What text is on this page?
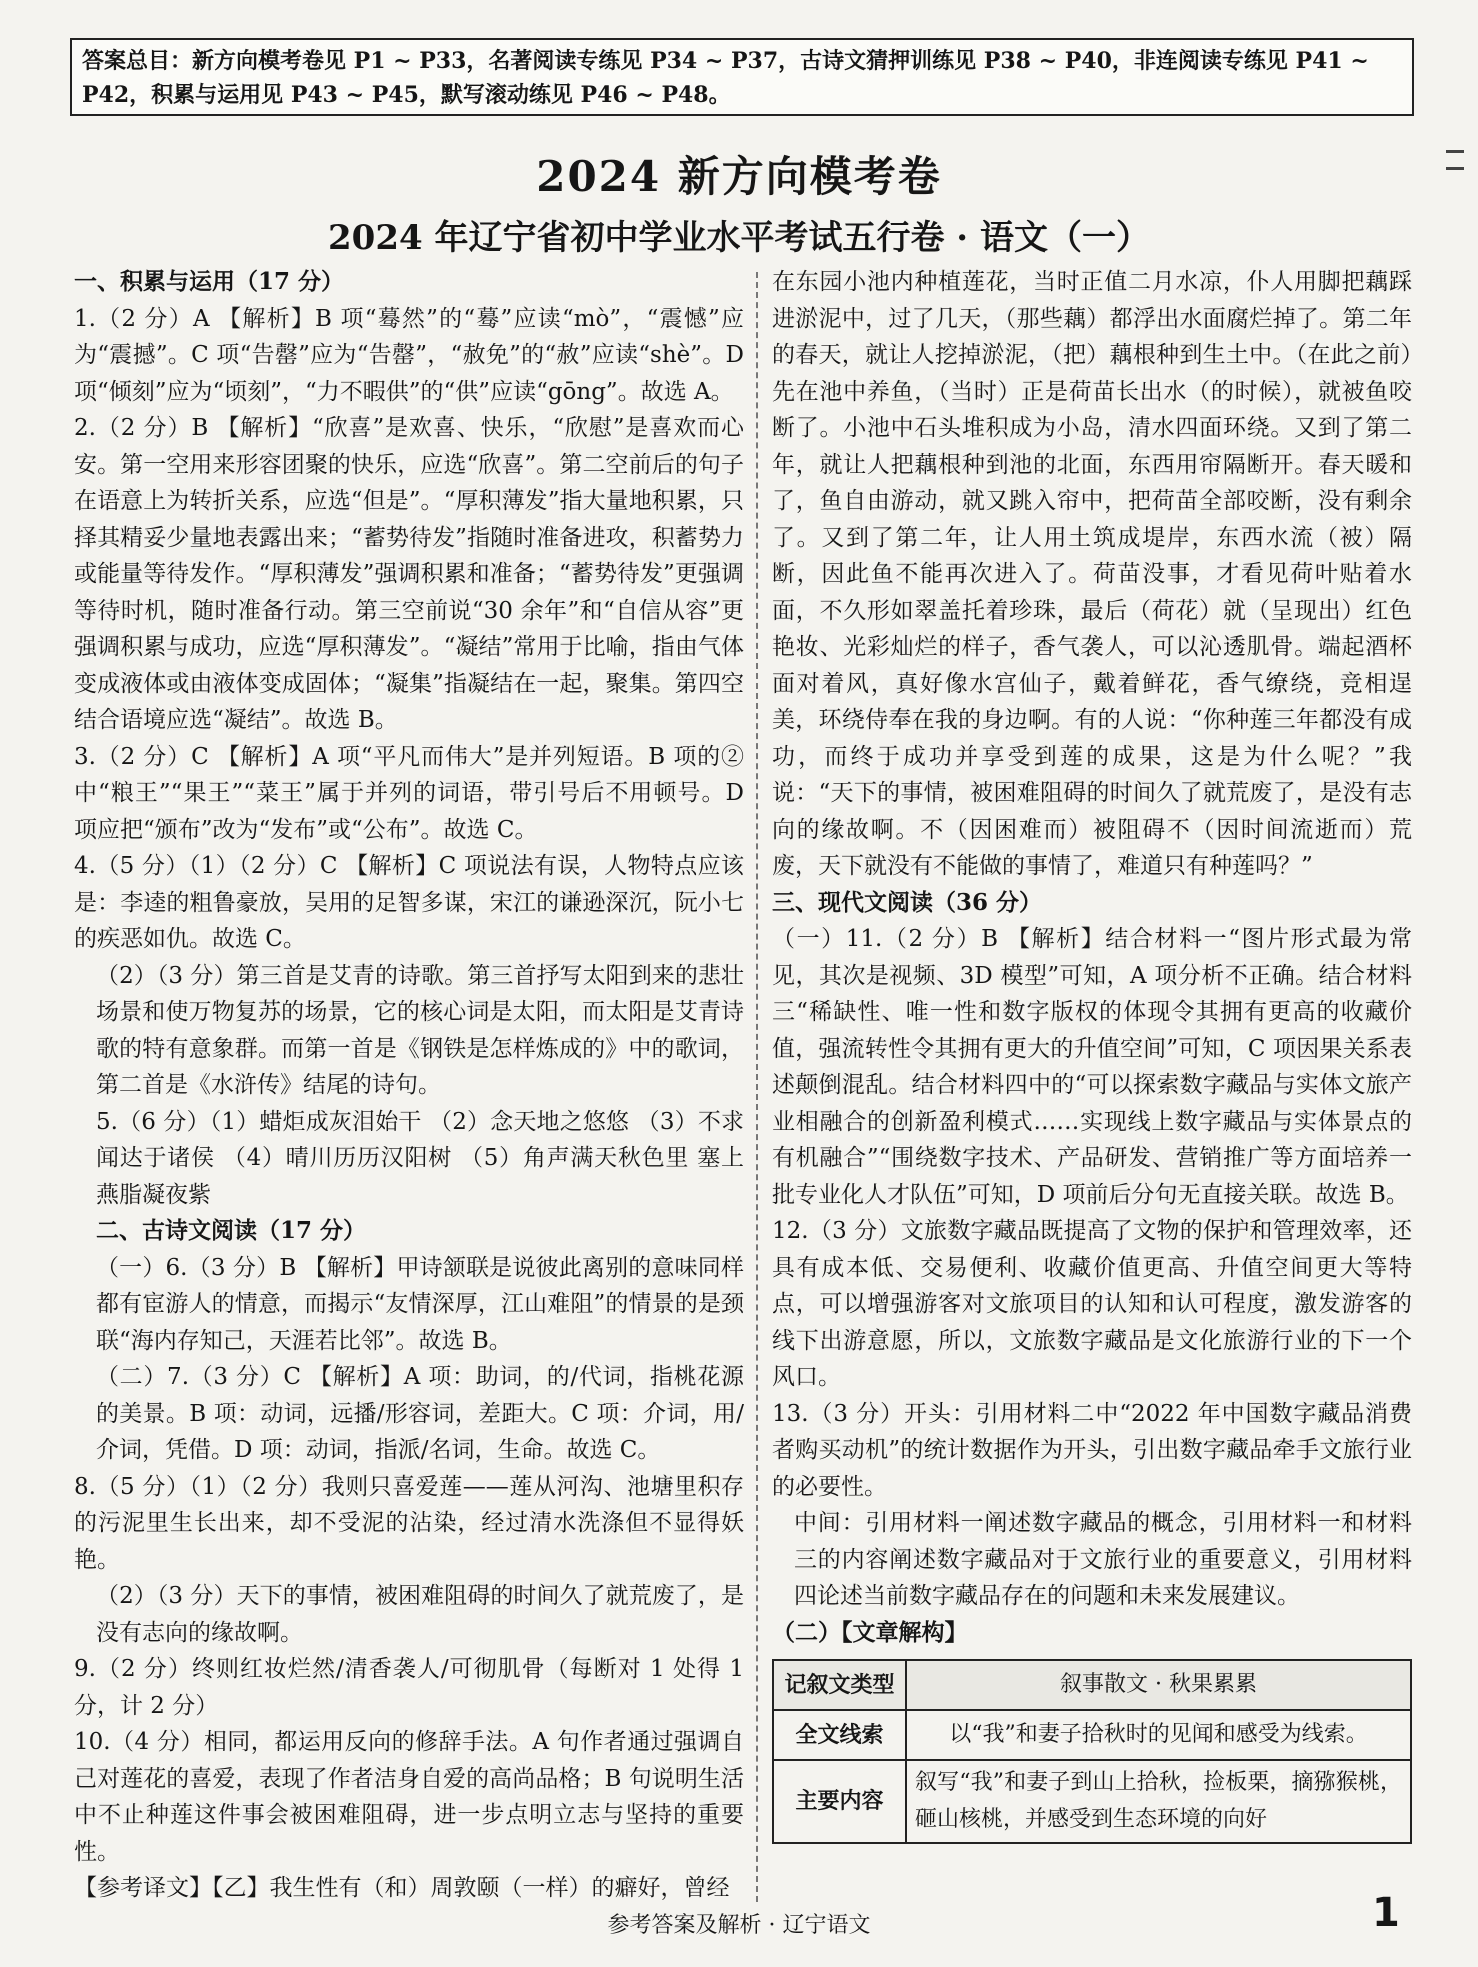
答案总目：新方向模考卷见 P1 ~ P33，名著阅读专练见 P34 ~ P37，古诗文猜押训练见 P38 ~ P40，非连阅读专练见 P41 ~ P42，积累与运用见 P43 ~ P45，默写滚动练见 P46 ~ P48。
2024 新方向模考卷
2024 年辽宁省初中学业水平考试五行卷 · 语文（一）

一、积累与运用（17 分）

1.（2 分）A 【解析】B 项“蓦然”的“蓦”应读“mò”，“震憾”应为“震撼”。C 项“告罄”应为“告罄”，“赦免”的“赦”应读“shè”。D 项“倾刻”应为“顷刻”，“力不暇供”的“供”应读“gōng”。故选 A。

2.（2 分）B 【解析】“欣喜”是欢喜、快乐，“欣慰”是喜欢而心安。第一空用来形容团聚的快乐，应选“欣喜”。第二空前后的句子在语意上为转折关系，应选“但是”。“厚积薄发”指大量地积累，只择其精妥少量地表露出来；“蓄势待发”指随时准备进攻，积蓄势力或能量等待发作。“厚积薄发”强调积累和准备；“蓄势待发”更强调等待时机，随时准备行动。第三空前说“30 余年”和“自信从容”更强调积累与成功，应选“厚积薄发”。“凝结”常用于比喻，指由气体变成液体或由液体变成固体；“凝集”指凝结在一起，聚集。第四空结合语境应选“凝结”。故选 B。

3.（2 分）C 【解析】A 项“平凡而伟大”是并列短语。B 项的②中“粮王”“果王”“菜王”属于并列的词语，带引号后不用顿号。D 项应把“颁布”改为“发布”或“公布”。故选 C。

4.（5 分）（1）（2 分）C 【解析】C 项说法有误，人物特点应该是：李逵的粗鲁豪放，吴用的足智多谋，宋江的谦逊深沉，阮小七的疾恶如仇。故选 C。

（2）（3 分）第三首是艾青的诗歌。第三首抒写太阳到来的悲壮场景和使万物复苏的场景，它的核心词是太阳，而太阳是艾青诗歌的特有意象群。而第一首是《钢铁是怎样炼成的》中的歌词，第二首是《水浒传》结尾的诗句。

5.（6 分）（1）蜡炬成灰泪始干 （2）念天地之悠悠 （3）不求闻达于诸侯 （4）晴川历历汉阳树 （5）角声满天秋色里 塞上燕脂凝夜紫

二、古诗文阅读（17 分）

（一）6.（3 分）B 【解析】甲诗颔联是说彼此离别的意味同样都有宦游人的情意，而揭示“友情深厚，江山难阻”的情景的是颈联“海内存知己，天涯若比邻”。故选 B。

（二）7.（3 分）C 【解析】A 项：助词，的/代词，指桃花源的美景。B 项：动词，远播/形容词，差距大。C 项：介词，用/介词，凭借。D 项：动词，指派/名词，生命。故选 C。

8.（5 分）（1）（2 分）我则只喜爱莲——莲从河沟、池塘里积存的污泥里生长出来，却不受泥的沾染，经过清水洗涤但不显得妖艳。

（2）（3 分）天下的事情，被困难阻碍的时间久了就荒废了，是没有志向的缘故啊。

9.（2 分）终则红妆烂然/清香袭人/可彻肌骨（每断对 1 处得 1 分，计 2 分）

10.（4 分）相同，都运用反向的修辞手法。A 句作者通过强调自己对莲花的喜爱，表现了作者洁身自爱的高尚品格；B 句说明生活中不止种莲这件事会被困难阻碍，进一步点明立志与坚持的重要性。

【参考译文】【乙】我生性有（和）周敦颐（一样）的癖好，曾经

在东园小池内种植莲花，当时正值二月水凉，仆人用脚把藕踩进淤泥中，过了几天，（那些藕）都浮出水面腐烂掉了。第二年的春天，就让人挖掉淤泥，（把）藕根种到生土中。（在此之前）先在池中养鱼，（当时）正是荷苗长出水（的时候），就被鱼咬断了。小池中石头堆积成为小岛，清水四面环绕。又到了第二年，就让人把藕根种到池的北面，东西用帘隔断开。春天暖和了，鱼自由游动，就又跳入帘中，把荷苗全部咬断，没有剩余了。又到了第二年，让人用土筑成堤岸，东西水流（被）隔断，因此鱼不能再次进入了。荷苗没事，才看见荷叶贴着水面，不久形如翠盖托着珍珠，最后（荷花）就（呈现出）红色艳妆、光彩灿烂的样子，香气袭人，可以沁透肌骨。端起酒杯面对着风，真好像水宫仙子，戴着鲜花，香气缭绕，竞相逞美，环绕侍奉在我的身边啊。有的人说：“你种莲三年都没有成功，而终于成功并享受到莲的成果，这是为什么呢？”我说：“天下的事情，被困难阻碍的时间久了就荒废了，是没有志向的缘故啊。不（因困难而）被阻碍不（因时间流逝而）荒废，天下就没有不能做的事情了，难道只有种莲吗？”

三、现代文阅读（36 分）

（一）11.（2 分）B 【解析】结合材料一“图片形式最为常见，其次是视频、3D 模型”可知，A 项分析不正确。结合材料三“稀缺性、唯一性和数字版权的体现令其拥有更高的收藏价值，强流转性令其拥有更大的升值空间”可知，C 项因果关系表述颠倒混乱。结合材料四中的“可以探索数字藏品与实体文旅产业相融合的创新盈利模式……实现线上数字藏品与实体景点的有机融合”“围绕数字技术、产品研发、营销推广等方面培养一批专业化人才队伍”可知，D 项前后分句无直接关联。故选 B。

12.（3 分）文旅数字藏品既提高了文物的保护和管理效率，还具有成本低、交易便利、收藏价值更高、升值空间更大等特点，可以增强游客对文旅项目的认知和认可程度，激发游客的线下出游意愿，所以，文旅数字藏品是文化旅游行业的下一个风口。

13.（3 分）开头：引用材料二中“2022 年中国数字藏品消费者购买动机”的统计数据作为开头，引出数字藏品牵手文旅行业的必要性。

中间：引用材料一阐述数字藏品的概念，引用材料一和材料三的内容阐述数字藏品对于文旅行业的重要意义，引用材料四论述当前数字藏品存在的问题和未来发展建议。

（二）【文章解构】

记叙文类型	叙事散文 · 秋果累累
全文线索	以“我”和妻子拾秋时的见闻和感受为线索。
主要内容	叙写“我”和妻子到山上拾秋，捡板栗，摘猕猴桃，砸山核桃，并感受到生态环境的向好
参考答案及解析 · 辽宁语文	1
